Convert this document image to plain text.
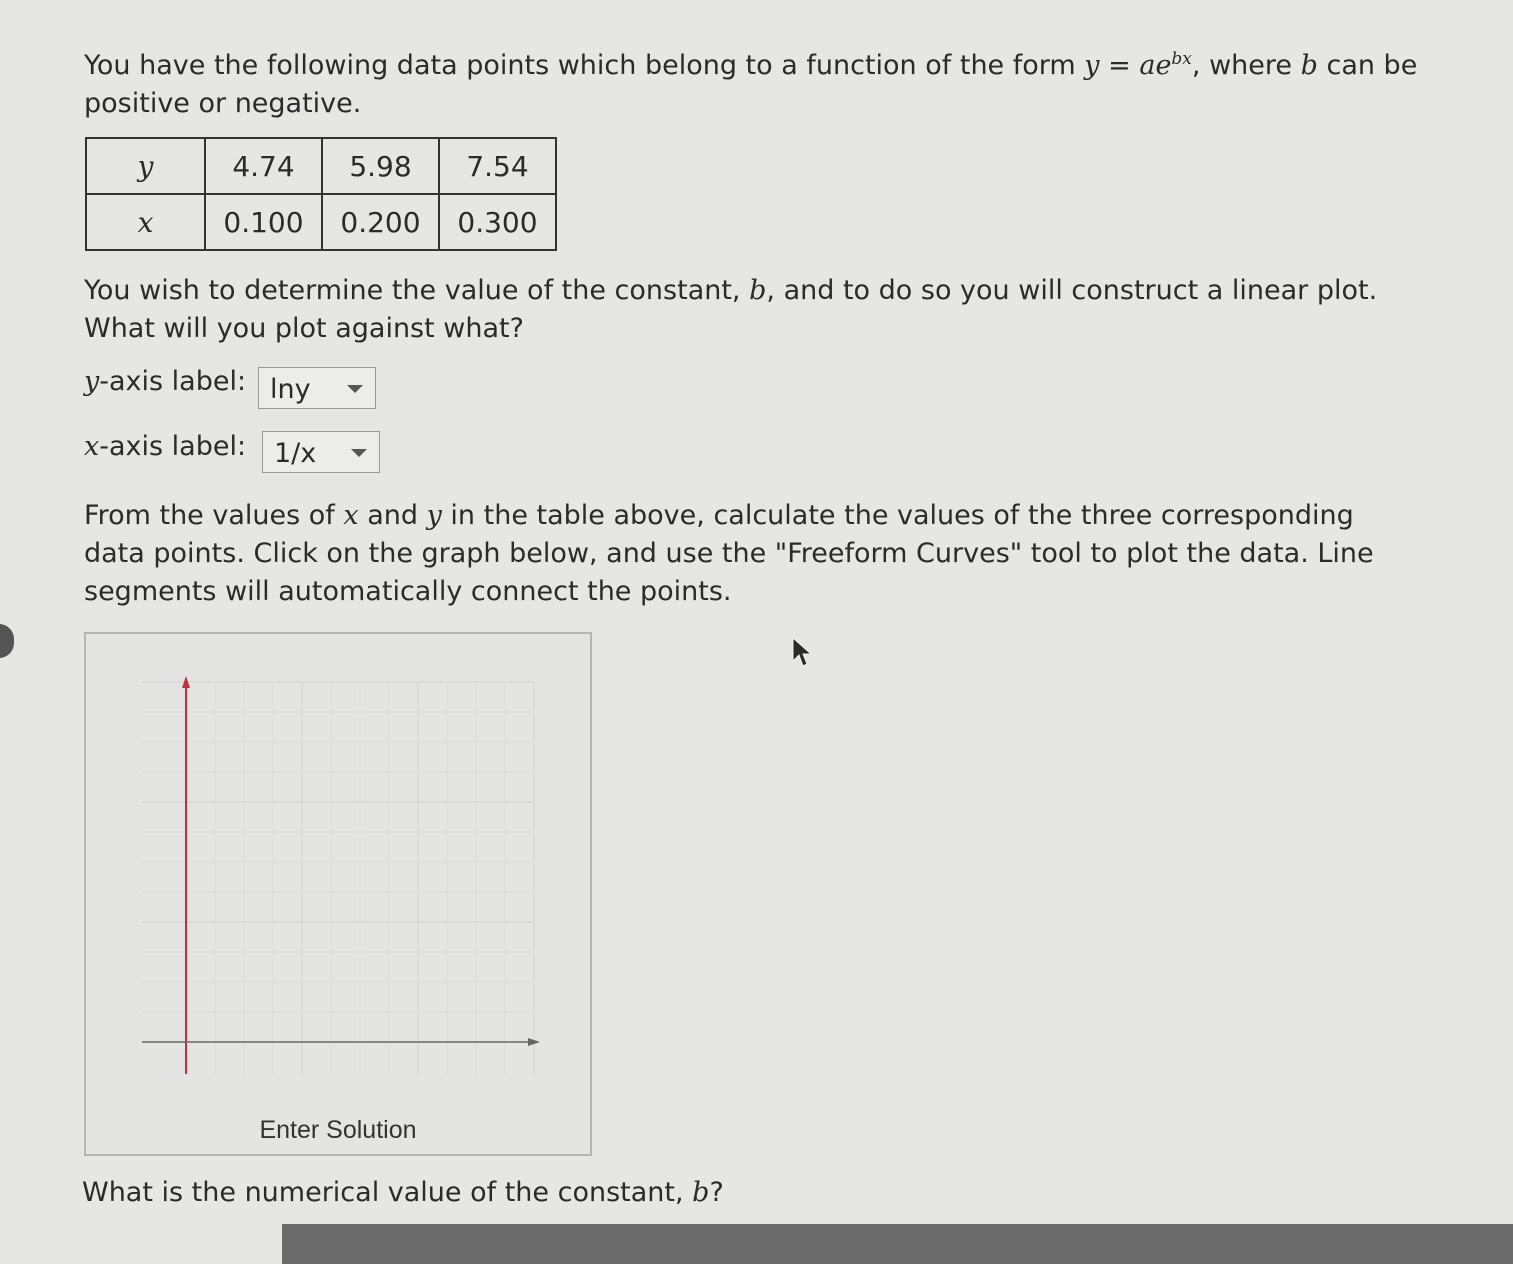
You have the following data points which belong to a function of the form $y = ae^{bx}$, where b can be positive or negative.

y	4.74	5.98	7.54
x	0.100	0.200	0.300

You wish to determine the value of the constant, b, and to do so you will construct a linear plot. What will you plot against what?

y-axis label: lny
x-axis label: 1/x

From the values of x and y in the table above, calculate the values of the three corresponding data points. Click on the graph below, and use the "Freeform Curves" tool to plot the data. Line segments will automatically connect the points.

Enter Solution

What is the numerical value of the constant, b?
